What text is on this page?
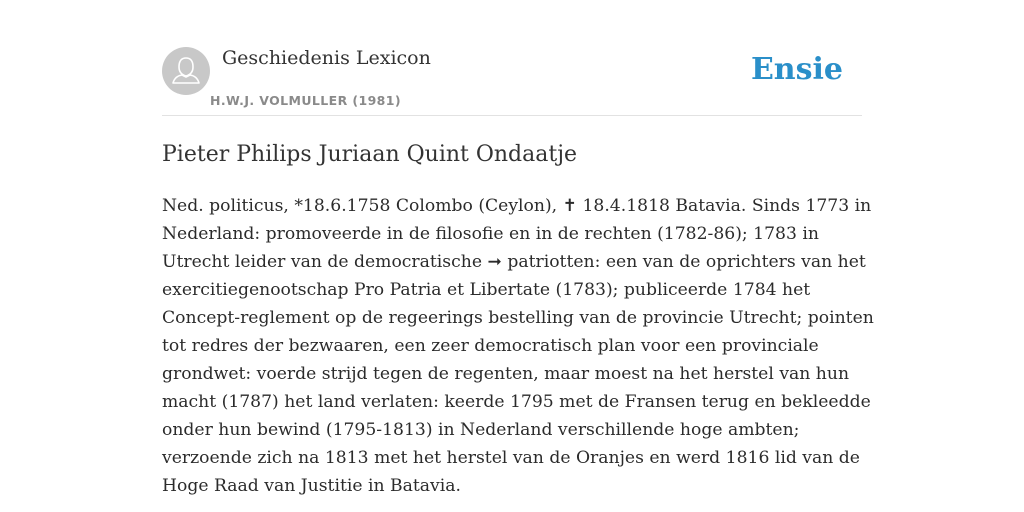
Geschiedenis Lexicon
H.W.J. VOLMULLER (1981)
Ensie
Pieter Philips Juriaan Quint Ondaatje
Ned. politicus, *18.6.1758 Colombo (Ceylon), ✝ 18.4.1818 Batavia. Sinds 1773 in
Nederland: promoveerde in de filosofie en in de rechten (1782-86); 1783 in
Utrecht leider van de democratische ➞ patriotten: een van de oprichters van het
exercitiegenootschap Pro Patria et Libertate (1783); publiceerde 1784 het
Concept-reglement op de regeerings bestelling van de provincie Utrecht; pointen
tot redres der bezwaaren, een zeer democratisch plan voor een provinciale
grondwet: voerde strijd tegen de regenten, maar moest na het herstel van hun
macht (1787) het land verlaten: keerde 1795 met de Fransen terug en bekleedde
onder hun bewind (1795-1813) in Nederland verschillende hoge ambten;
verzoende zich na 1813 met het herstel van de Oranjes en werd 1816 lid van de
Hoge Raad van Justitie in Batavia.
